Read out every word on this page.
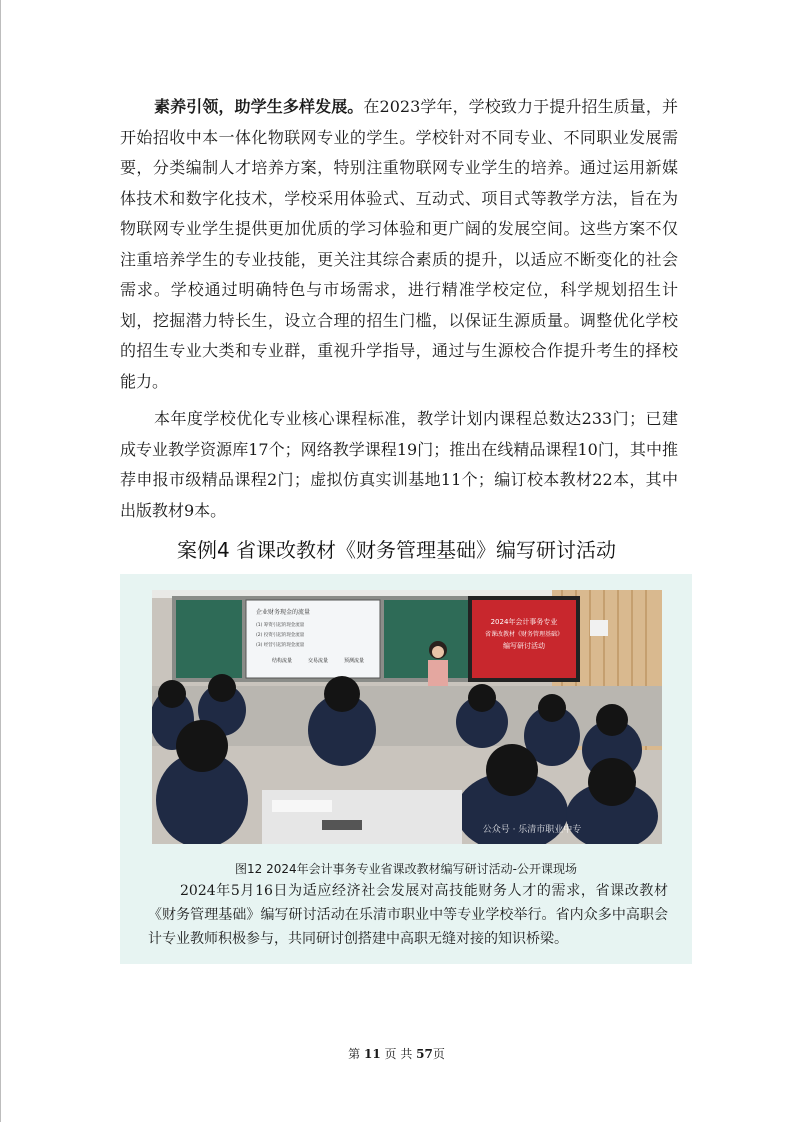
素养引领，助学生多样发展。在2023学年，学校致力于提升招生质量，并开始招收中本一体化物联网专业的学生。学校针对不同专业、不同职业发展需要，分类编制人才培养方案，特别注重物联网专业学生的培养。通过运用新媒体技术和数字化技术，学校采用体验式、互动式、项目式等教学方法，旨在为物联网专业学生提供更加优质的学习体验和更广阔的发展空间。这些方案不仅注重培养学生的专业技能，更关注其综合素质的提升，以适应不断变化的社会需求。学校通过明确特色与市场需求，进行精准学校定位，科学规划招生计划，挖掘潜力特长生，设立合理的招生门槛，以保证生源质量。调整优化学校的招生专业大类和专业群，重视升学指导，通过与生源校合作提升考生的择校能力。

本年度学校优化专业核心课程标准，教学计划内课程总数达233门；已建成专业教学资源库17个；网络教学课程19门；推出在线精品课程10门，其中推荐申报市级精品课程2门；虚拟仿真实训基地11个；编订校本教材22本，其中出版教材9本。

案例4 省课改教材《财务管理基础》编写研讨活动
企业财务现金的流量
(1) 筹资引起的现金流量
(2) 投资引起的现金流量
(3) 经营引起的现金流量
结构流量	交易流量	预测流量
2024年会计事务专业
省课改教材《财务管理基础》
编写研讨活动
公众号 · 乐清市职业中专

图12 2024年会计事务专业省课改教材编写研讨活动-公开课现场

2024年5月16日为适应经济社会发展对高技能财务人才的需求，省课改教材《财务管理基础》编写研讨活动在乐清市职业中等专业学校举行。省内众多中高职会计专业教师积极参与，共同研讨创搭建中高职无缝对接的知识桥梁。

第 11 页 共 57页
